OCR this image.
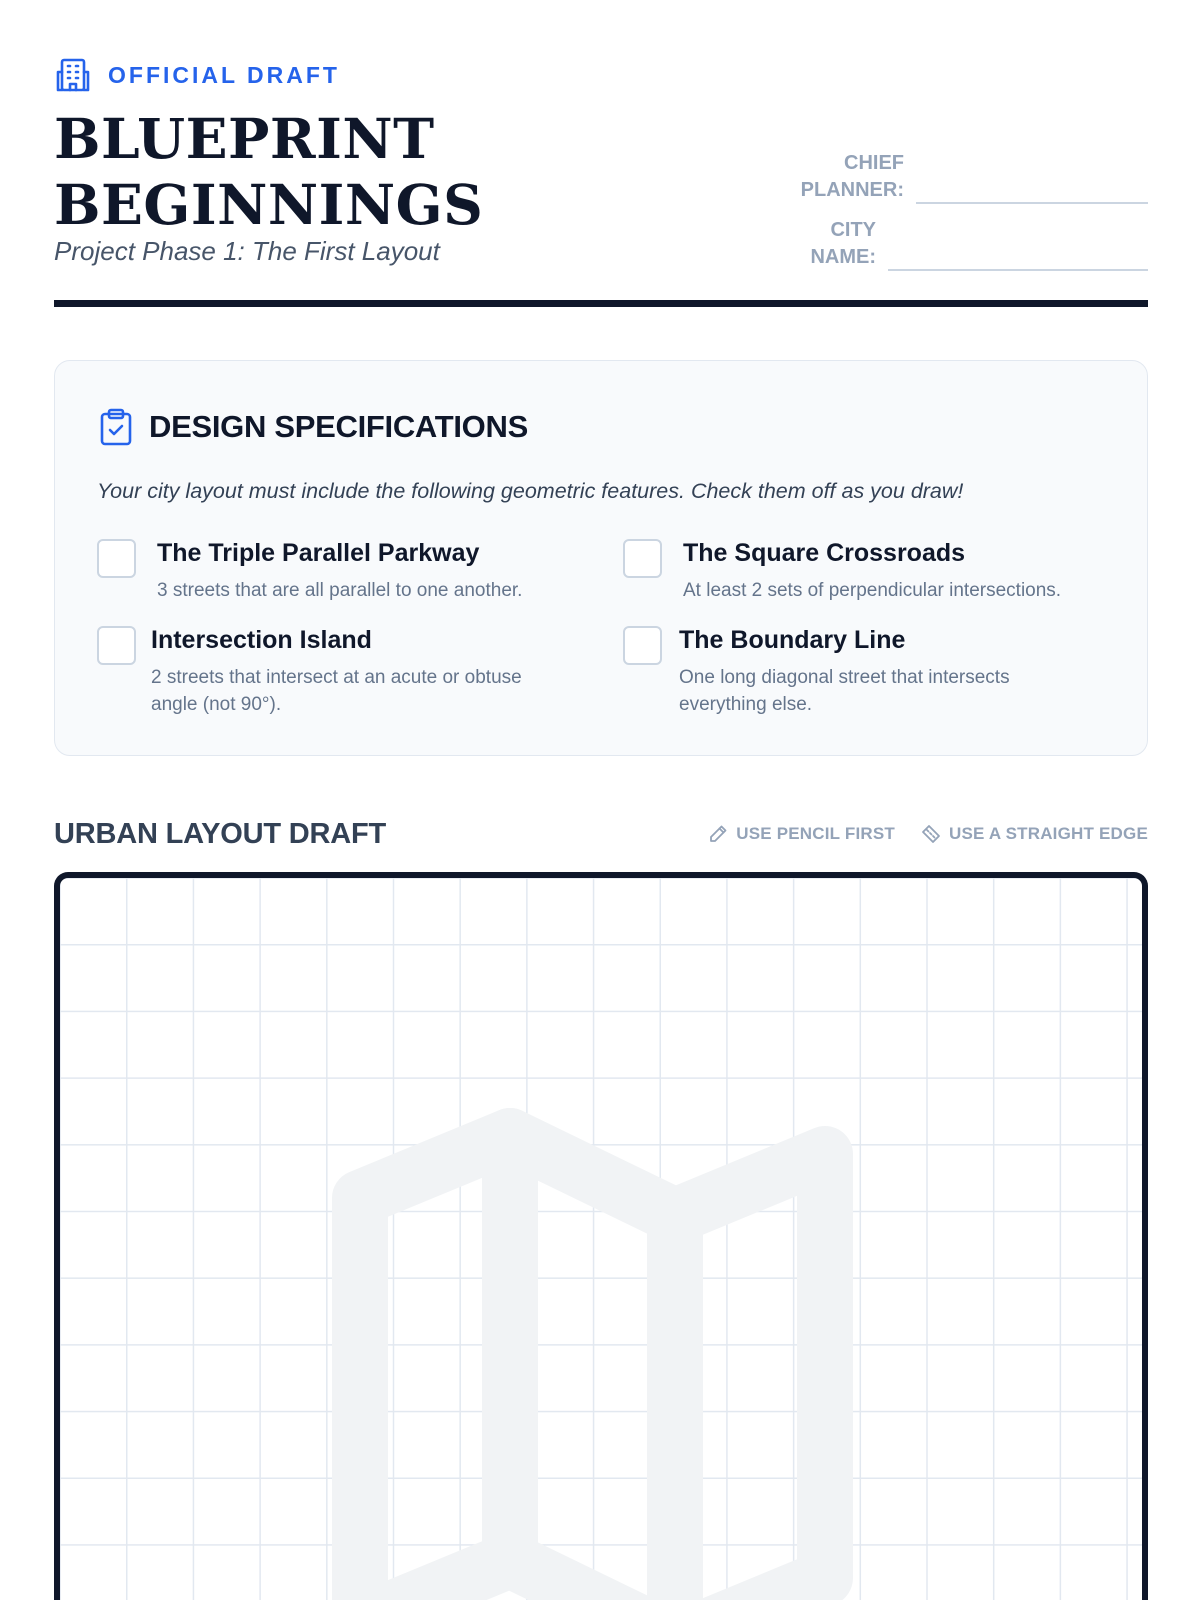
OFFICIAL DRAFT
BLUEPRINT
BEGINNINGS
Project Phase 1: The First Layout
CHIEF
PLANNER:
CITY
NAME:
DESIGN SPECIFICATIONS

Your city layout must include the following geometric features. Check them off as you draw!

The Triple Parallel Parkway
3 streets that are all parallel to one another.
The Square Crossroads
At least 2 sets of perpendicular intersections.
Intersection Island
2 streets that intersect at an acute or obtuse angle (not 90°).
The Boundary Line
One long diagonal street that intersects everything else.
URBAN LAYOUT DRAFT	USE PENCIL FIRST	USE A STRAIGHT EDGE
